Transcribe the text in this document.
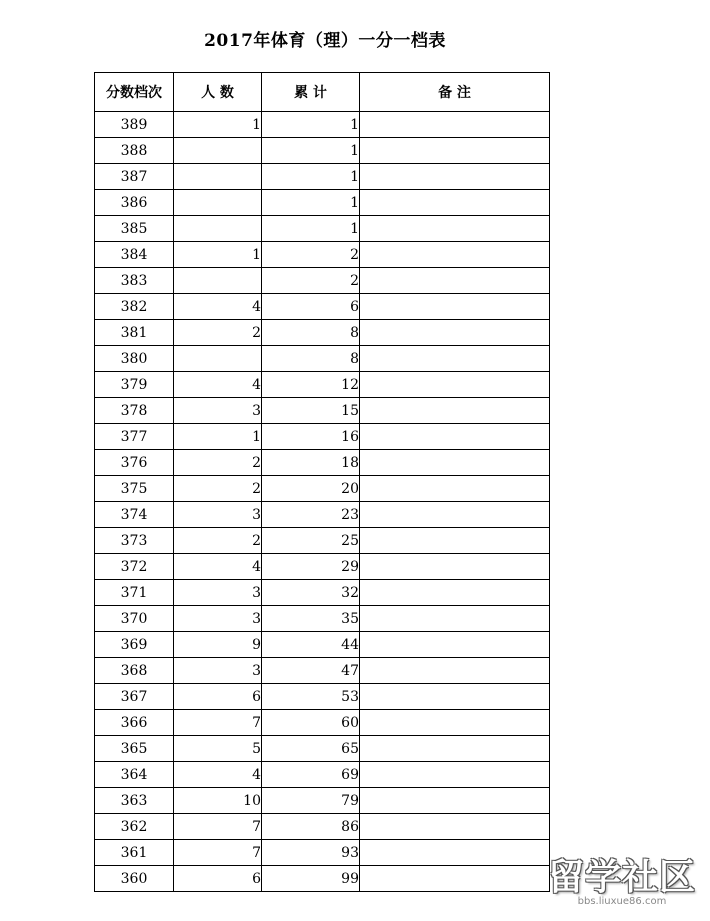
2017年体育（理）一分一档表
分数档次	人 数	累 计	备 注
389	1	1	
388		1	
387		1	
386		1	
385		1	
384	1	2	
383		2	
382	4	6	
381	2	8	
380		8	
379	4	12	
378	3	15	
377	1	16	
376	2	18	
375	2	20	
374	3	23	
373	2	25	
372	4	29	
371	3	32	
370	3	35	
369	9	44	
368	3	47	
367	6	53	
366	7	60	
365	5	65	
364	4	69	
363	10	79	
362	7	86	
361	7	93	
360	6	99		留学社区
bbs.liuxue86.com
